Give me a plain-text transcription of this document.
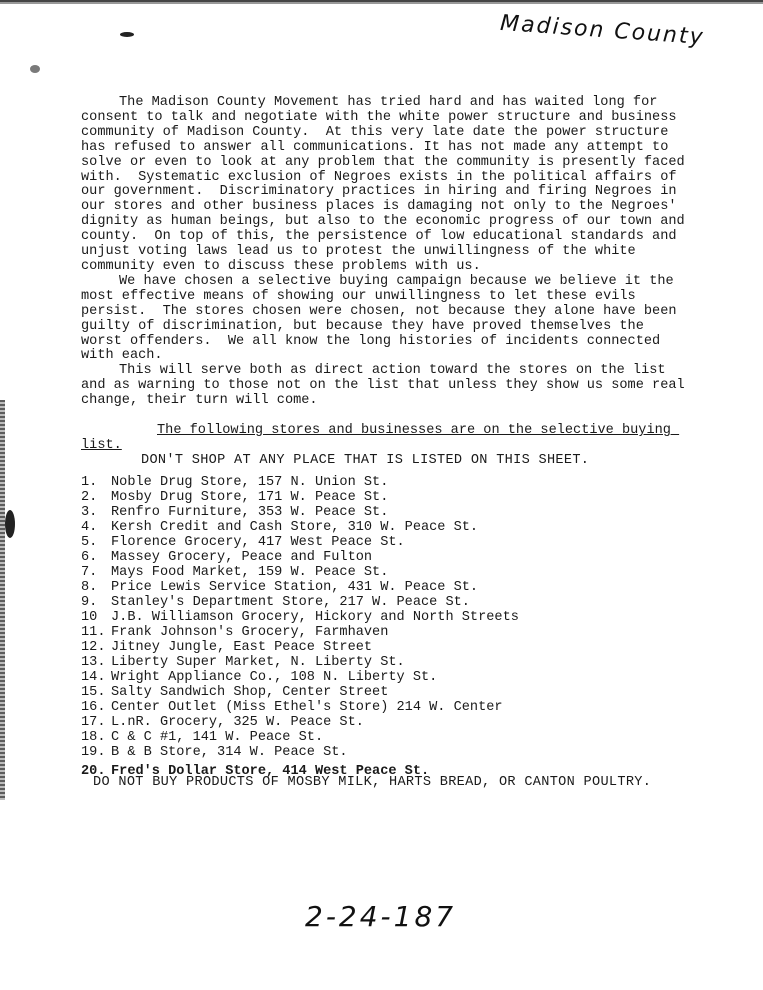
Madison County

The Madison County Movement has tried hard and has waited long for consent to talk and negotiate with the white power structure and business community of Madison County.  At this very late date the power structure has refused to answer all communications. It has not made any attempt to solve or even to look at any problem that the community is presently faced with.  Systematic exclusion of Negroes exists in the political affairs of our government.  Discriminatory practices in hiring and firing Negroes in our stores and other business places is damaging not only to the Negroes' dignity as human beings, but also to the economic progress of our town and county.  On top of this, the persistence of low educational standards and unjust voting laws lead us to protest the unwillingness of the white community even to discuss these problems with us.

We have chosen a selective buying campaign because we believe it the most effective means of showing our unwillingness to let these evils persist.  The stores chosen were chosen, not because they alone have been guilty of discrimination, but because they have proved themselves the worst offenders.  We all know the long histories of incidents connected with each.

This will serve both as direct action toward the stores on the list and as warning to those not on the list that unless they show us some real change, their turn will come.

The following stores and businesses are on the selective buying list.

DON'T SHOP AT ANY PLACE THAT IS LISTED ON THIS SHEET.

1.	Noble Drug Store, 157 N. Union St.
2.	Mosby Drug Store, 171 W. Peace St.
3.	Renfro Furniture, 353 W. Peace St.
4.	Kersh Credit and Cash Store, 310 W. Peace St.
5.	Florence Grocery, 417 West Peace St.
6.	Massey Grocery, Peace and Fulton
7.	Mays Food Market, 159 W. Peace St.
8.	Price Lewis Service Station, 431 W. Peace St.
9.	Stanley's Department Store, 217 W. Peace St.
10	J.B. Williamson Grocery, Hickory and North Streets
11. Frank Johnson's Grocery, Farmhaven
12. Jitney Jungle, East Peace Street
13. Liberty Super Market, N. Liberty St.
14. Wright Appliance Co., 108 N. Liberty St.
15. Salty Sandwich Shop, Center Street
16. Center Outlet (Miss Ethel's Store) 214 W. Center
17. L.nR. Grocery, 325 W. Peace St.
18. C & C #1, 141 W. Peace St.
19. B & B Store, 314 W. Peace St.
20. Fred's Dollar Store, 414 West Peace St.

DO NOT BUY PRODUCTS OF MOSBY MILK, HARTS BREAD, OR CANTON POULTRY.

2-24-187
